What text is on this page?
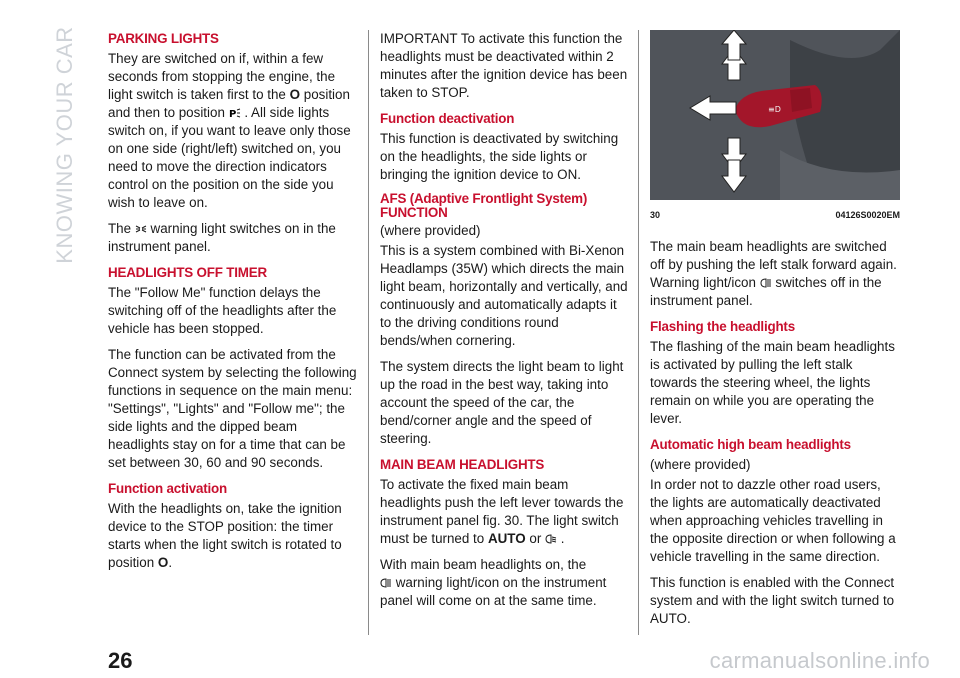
KNOWING YOUR CAR PARKING LIGHTS

They are switched on if, within a few seconds from stopping the engine, the light switch is taken first to the O position and then to position P . All side lights switch on, if you want to leave only those on one side (right/left) switched on, you need to move the direction indicators control on the position on the side you wish to leave on.

The warning light switches on in the instrument panel.

HEADLIGHTS OFF TIMER

The "Follow Me" function delays the switching off of the headlights after the vehicle has been stopped.

The function can be activated from the Connect system by selecting the following functions in sequence on the main menu: "Settings", "Lights" and "Follow me"; the side lights and the dipped beam headlights stay on for a time that can be set between 30, 60 and 90 seconds.

Function activation

With the headlights on, take the ignition device to the STOP position: the timer starts when the light switch is rotated to position O.

IMPORTANT To activate this function the headlights must be deactivated within 2 minutes after the ignition device has been taken to STOP.

Function deactivation

This function is deactivated by switching on the headlights, the side lights or bringing the ignition device to ON.

AFS (Adaptive Frontlight System) FUNCTION

(where provided)

This is a system combined with Bi-Xenon Headlamps (35W) which directs the main light beam, horizontally and vertically, and continuously and automatically adapts it to the driving conditions round bends/when cornering.

The system directs the light beam to light up the road in the best way, taking into account the speed of the car, the bend/corner angle and the speed of steering.

MAIN BEAM HEADLIGHTS

To activate the fixed main beam headlights push the left lever towards the instrument panel fig. 30. The light switch must be turned to AUTO or .

With main beam headlights on, the

warning light/icon on the instrument panel will come on at the same time.

≡D
30	04126S0020EM

The main beam headlights are switched off by pushing the left stalk forward again. Warning light/icon switches off in the instrument panel.

Flashing the headlights

The flashing of the main beam headlights is activated by pulling the left stalk towards the steering wheel, the lights remain on while you are operating the lever.

Automatic high beam headlights

(where provided)

In order not to dazzle other road users, the lights are automatically deactivated when approaching vehicles travelling in the opposite direction or when following a vehicle travelling in the same direction.

This function is enabled with the Connect system and with the light switch turned to AUTO.

26	carmanualsonline.info
